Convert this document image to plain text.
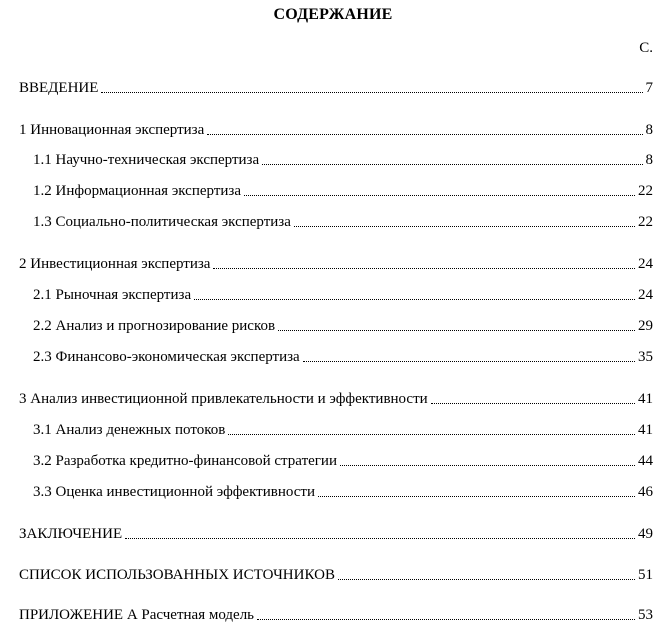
СОДЕРЖАНИЕ
С.
ВВЕДЕНИЕ	7
1 Инновационная экспертиза	8
1.1 Научно-техническая экспертиза	8
1.2 Информационная экспертиза	22
1.3 Социально-политическая экспертиза	22
2 Инвестиционная экспертиза	24
2.1 Рыночная экспертиза	24
2.2 Анализ и прогнозирование рисков	29
2.3 Финансово-экономическая экспертиза	35
3 Анализ инвестиционной привлекательности и эффективности	41
3.1 Анализ денежных потоков	41
3.2 Разработка кредитно-финансовой стратегии	44
3.3 Оценка инвестиционной эффективности	46
ЗАКЛЮЧЕНИЕ	49
СПИСОК ИСПОЛЬЗОВАННЫХ ИСТОЧНИКОВ	51
ПРИЛОЖЕНИЕ А Расчетная модель	53
